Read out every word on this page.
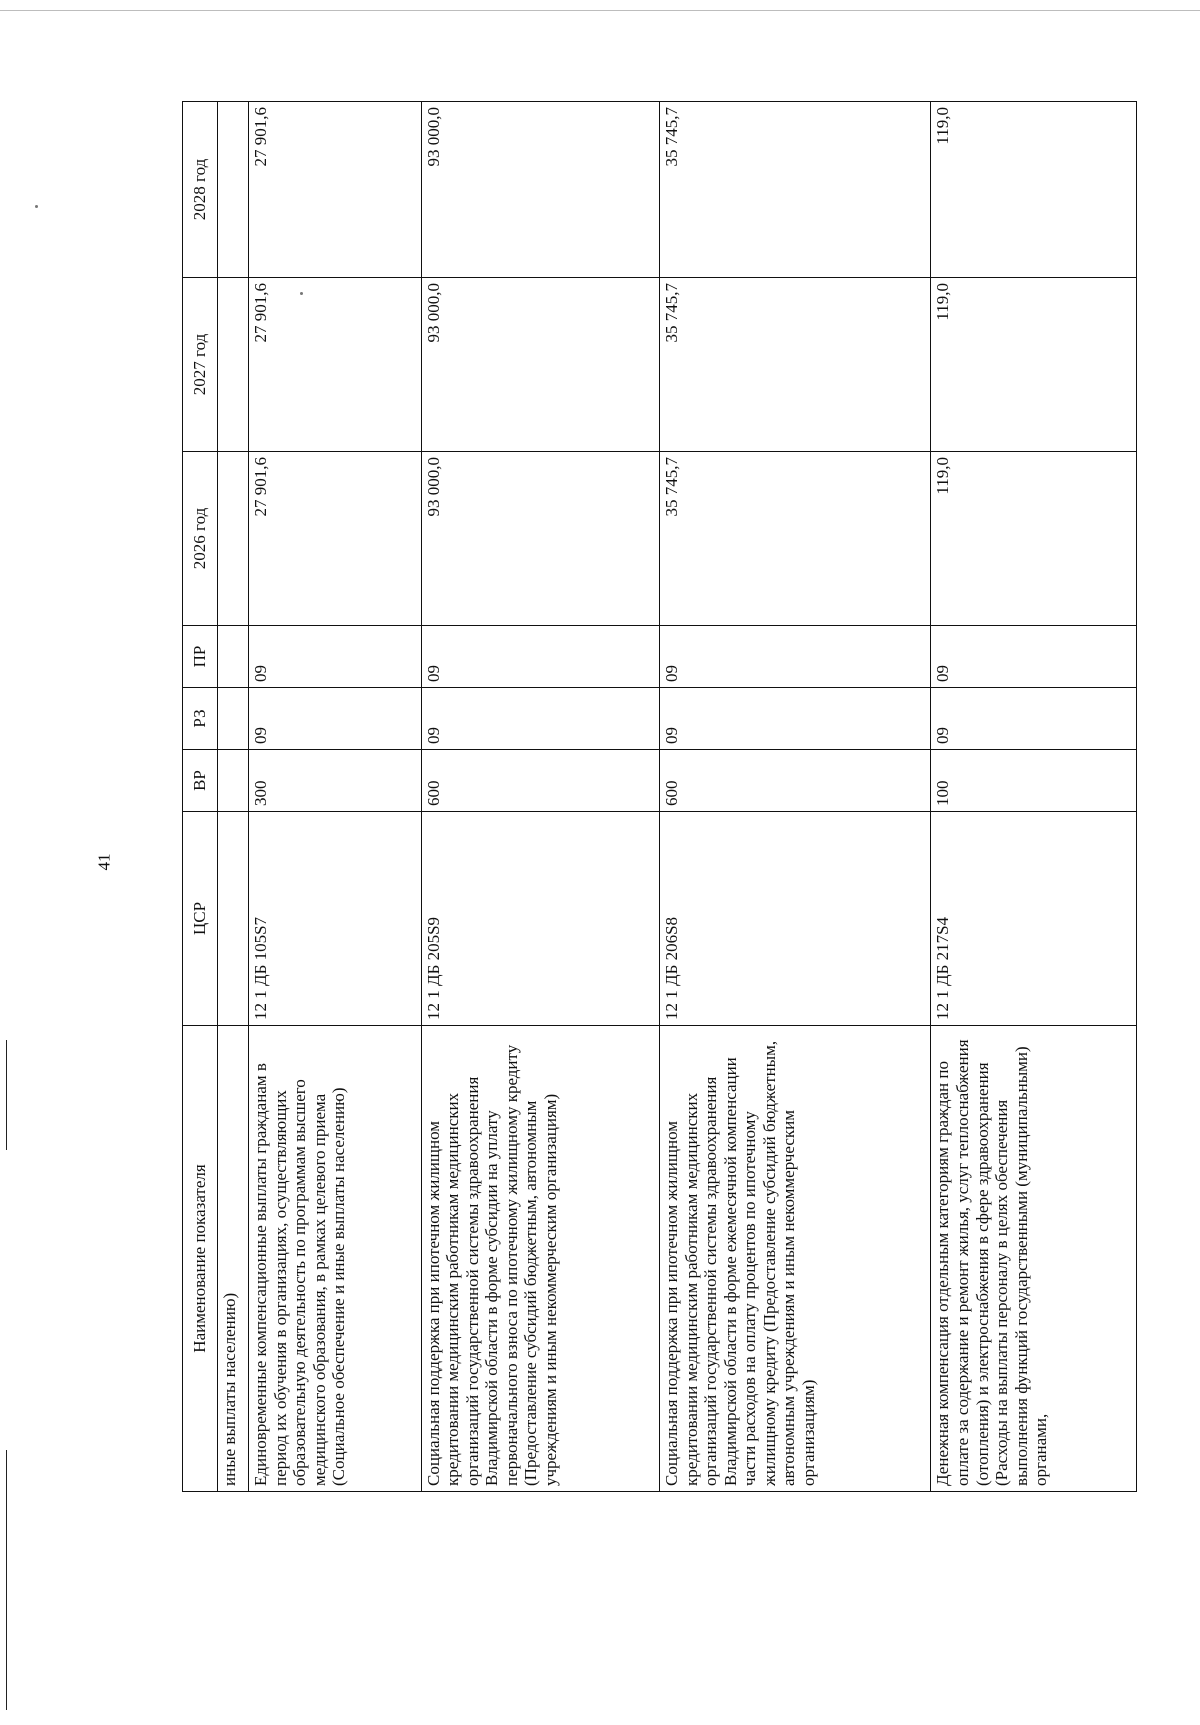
41
Наименование показателя	ЦСР	ВР	РЗ	ПР	2026 год	2027 год	2028 год
иные выплаты населению)							
Единовременные компенсационные выплаты гражданам в период их обучения в организациях, осуществляющих образовательную деятельность по программам высшего медицинского образования, в рамках целевого приема (Социальное обеспечение и иные выплаты населению)	12 1 ДБ 105S7	300	09	09	27 901,6	27 901,6	27 901,6
Социальная поддержка при ипотечном жилищном кредитовании медицинским работникам медицинских организаций государственной системы здравоохранения Владимирской области в форме субсидии на уплату первоначального взноса по ипотечному жилищному кредиту (Предоставление субсидий бюджетным, автономным учреждениям и иным некоммерческим организациям)	12 1 ДБ 205S9	600	09	09	93 000,0	93 000,0	93 000,0
Социальная поддержка при ипотечном жилищном кредитовании медицинским работникам медицинских организаций государственной системы здравоохранения Владимирской области в форме ежемесячной компенсации части расходов на оплату процентов по ипотечному жилищному кредиту (Предоставление субсидий бюджетным, автономным учреждениям и иным некоммерческим организациям)	12 1 ДБ 206S8	600	09	09	35 745,7	35 745,7	35 745,7
Денежная компенсация отдельным категориям граждан по оплате за содержание и ремонт жилья, услуг теплоснабжения (отопления) и электроснабжения в сфере здравоохранения (Расходы на выплаты персоналу в целях обеспечения выполнения функций государственными (муниципальными) органами,	12 1 ДБ 217S4	100	09	09	119,0	119,0	119,0
